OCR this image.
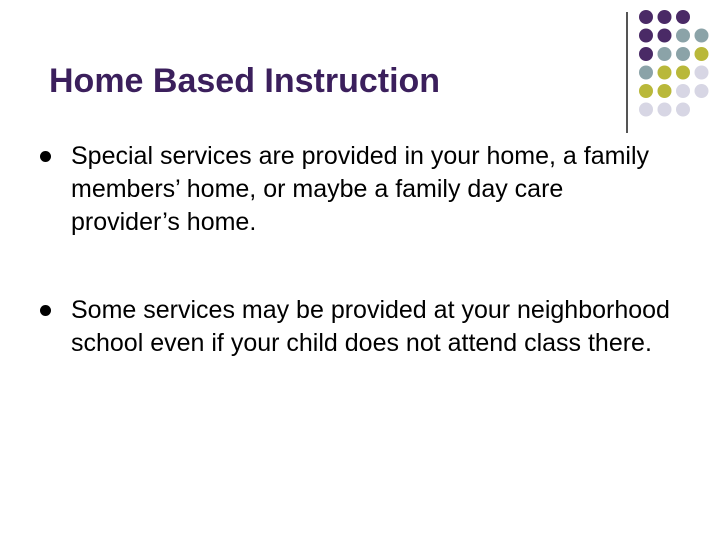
Home Based Instruction
Special services are provided in your home, a family members’ home, or maybe a family day care provider’s home.
Some services may be provided at your neighborhood school even if your child does not attend class there.
